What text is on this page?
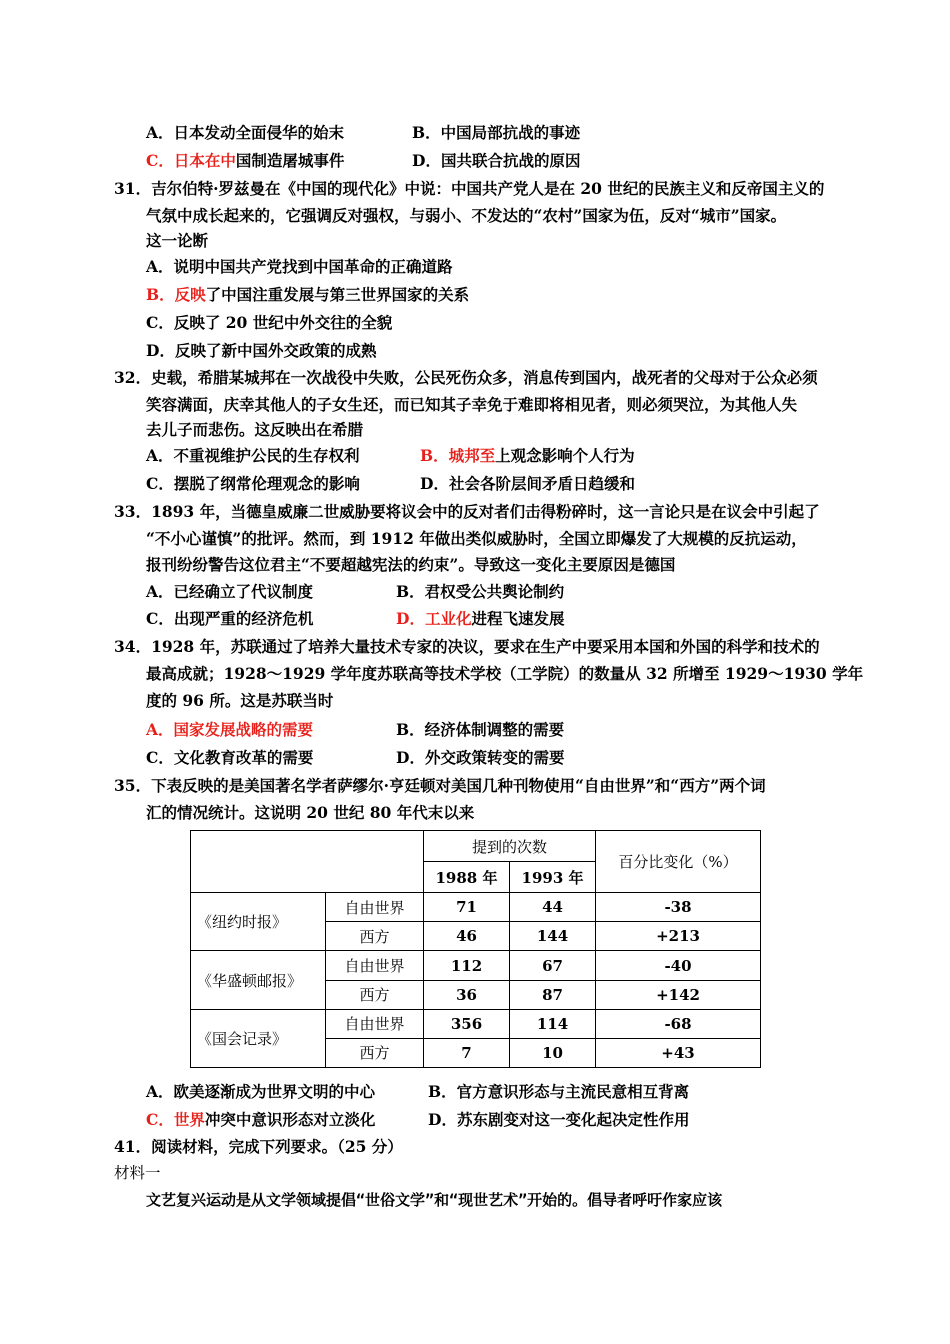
A．日本发动全面侵华的始末	B．中国局部抗战的事迹
C．日本在中国制造屠城事件	D．国共联合抗战的原因
31．吉尔伯特·罗兹曼在《中国的现代化》中说：中国共产党人是在 20 世纪的民族主义和反帝国主义的
气氛中成长起来的，它强调反对强权，与弱小、不发达的“农村”国家为伍，反对“城市”国家。
这一论断
A．说明中国共产党找到中国革命的正确道路
B．反映了中国注重发展与第三世界国家的关系
C．反映了 20 世纪中外交往的全貌
D．反映了新中国外交政策的成熟
32．史载，希腊某城邦在一次战役中失败，公民死伤众多，消息传到国内，战死者的父母对于公众必须
笑容满面，庆幸其他人的子女生还，而已知其子幸免于难即将相见者，则必须哭泣，为其他人失
去儿子而悲伤。这反映出在希腊
A．不重视维护公民的生存权利	B．城邦至上观念影响个人行为
C．摆脱了纲常伦理观念的影响	D．社会各阶层间矛盾日趋缓和
33．1893 年，当德皇威廉二世威胁要将议会中的反对者们击得粉碎时，这一言论只是在议会中引起了
“不小心谨慎”的批评。然而，到 1912 年做出类似威胁时，全国立即爆发了大规模的反抗运动，
报刊纷纷警告这位君主“不要超越宪法的约束”。导致这一变化主要原因是德国
A．已经确立了代议制度	B．君权受公共舆论制约
C．出现严重的经济危机	D．工业化进程飞速发展
34．1928 年，苏联通过了培养大量技术专家的决议，要求在生产中要采用本国和外国的科学和技术的
最高成就；1928～1929 学年度苏联高等技术学校（工学院）的数量从 32 所增至 1929～1930 学年
度的 96 所。这是苏联当时
A．国家发展战略的需要	B．经济体制调整的需要
C．文化教育改革的需要	D．外交政策转变的需要
35．下表反映的是美国著名学者萨缪尔·亨廷顿对美国几种刊物使用“自由世界”和“西方”两个词
汇的情况统计。这说明 20 世纪 80 年代末以来
		提到的次数		百分比变化（%）
		1988 年	1993 年	
《纽约时报》	自由世界	71	44	-38
	西方	46	144	+213
《华盛顿邮报》	自由世界	112	67	-40
	西方	36	87	+142
《国会记录》	自由世界	356	114	-68
	西方	7	10	+43
A．欧美逐渐成为世界文明的中心	B．官方意识形态与主流民意相互背离
C．世界冲突中意识形态对立淡化	D．苏东剧变对这一变化起决定性作用
41．阅读材料，完成下列要求。（25 分）
材料一
文艺复兴运动是从文学领域提倡“世俗文学”和“现世艺术”开始的。倡导者呼吁作家应该
